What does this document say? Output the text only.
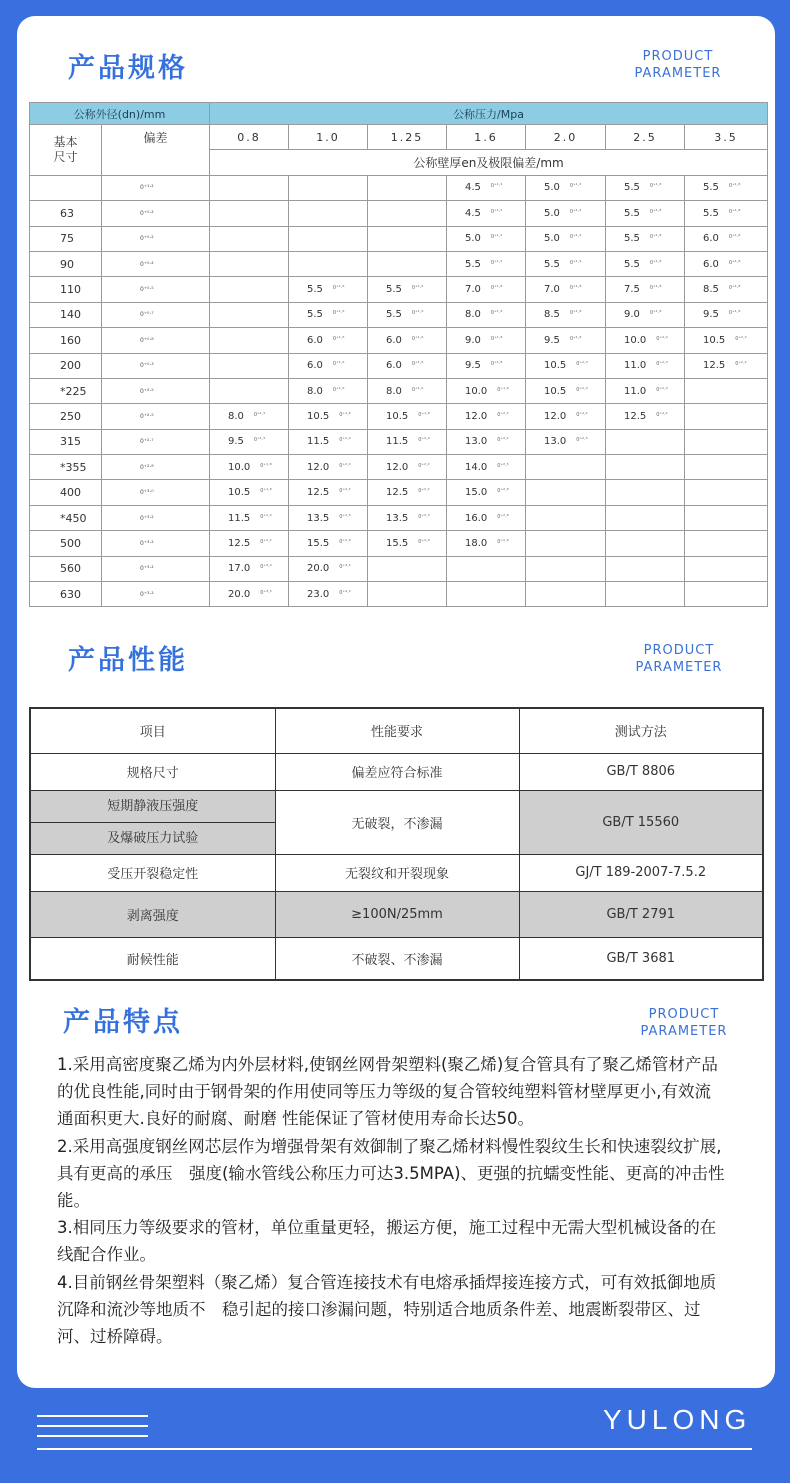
产品规格	PRODUCT
PARAMETER
公称外径(dn)/mm		公称压力/Mpa						

基本
尺寸	偏差	0.8	1.0	1.25	1.6	2.0	2.5	3.5
		公称壁厚en及极限偏差/mm						
	0⁺¹·²				4.5 $^{0^{+1}\cdot^2}$	5.0 $^{0^{+1}\cdot^2}$	5.5 $^{0^{+1}\cdot^8}$	5.5 $^{0^{+1}\cdot^8}$
63	0⁺⁰·²				4.5 $^{0^{+1}\cdot^2}$	5.0 $^{0^{+1}\cdot^2}$	5.5 $^{0^{+1}\cdot^8}$	5.5 $^{0^{+1}\cdot^8}$
75	0⁺⁰·²				5.0 $^{0^{+1}\cdot^2}$	5.0 $^{0^{+1}\cdot^2}$	5.5 $^{0^{+1}\cdot^8}$	6.0 $^{0^{+1}\cdot^8}$
90	0⁺⁰·⁴				5.5 $^{0^{+1}\cdot^5}$	5.5 $^{0^{+1}\cdot^5}$	5.5 $^{0^{+1}\cdot^8}$	6.0 $^{0^{+1}\cdot^8}$
110	0⁺⁰·⁵		5.5 $^{0^{+1}\cdot^6}$	5.5 $^{0^{+1}\cdot^6}$	7.0 $^{0^{+1}\cdot^8}$	7.0 $^{0^{+1}\cdot^8}$	7.5 $^{0^{+1}\cdot^8}$	8.5 $^{0^{+1}\cdot^8}$
140	0⁺⁰·⁷		5.5 $^{0^{+1}\cdot^6}$	5.5 $^{0^{+1}\cdot^6}$	8.0 $^{0^{+1}\cdot^8}$	8.5 $^{0^{+1}\cdot^8}$	9.0 $^{0^{+1}\cdot^8}$	9.5 $^{0^{+1}\cdot^8}$
160	0⁺⁰·⁸		6.0 $^{0^{+1}\cdot^6}$	6.0 $^{0^{+1}\cdot^6}$	9.0 $^{0^{+1}\cdot^8}$	9.5 $^{0^{+1}\cdot^8}$	10.0 $^{0^{+2}\cdot^0}$	10.5 $^{0^{+2}\cdot^0}$
200	0⁺⁰·³		6.0 $^{0^{+1}\cdot^6}$	6.0 $^{0^{+1}\cdot^6}$	9.5 $^{0^{+1}\cdot^8}$	10.5 $^{0^{+2}\cdot^0}$	11.0 $^{0^{+2}\cdot^0}$	12.5 $^{0^{+2}\cdot^2}$
*225	0⁺²·⁵		8.0 $^{0^{+1}\cdot^6}$	8.0 $^{0^{+1}\cdot^6}$	10.0 $^{0^{+1}\cdot^8}$	10.5 $^{0^{+2}\cdot^0}$	11.0 $^{0^{+2}\cdot^0}$	
250	0⁺²·⁵	8.0 $^{0^{+1}\cdot^5}$	10.5 $^{0^{+1}\cdot^8}$	10.5 $^{0^{+1}\cdot^8}$	12.0 $^{0^{+2}\cdot^2}$	12.0 $^{0^{+2}\cdot^2}$	12.5 $^{0^{+2}\cdot^2}$	
315	0⁺²·⁷	9.5 $^{0^{+1}\cdot^5}$	11.5 $^{0^{+2}\cdot^0}$	11.5 $^{0^{+2}\cdot^0}$	13.0 $^{0^{+2}\cdot^2}$	13.0 $^{0^{+2}\cdot^5}$		
*355	0⁺²·⁸	10.0 $^{0^{+1}\cdot^8}$	12.0 $^{0^{+2}\cdot^2}$	12.0 $^{0^{+2}\cdot^2}$	14.0 $^{0^{+2}\cdot^5}$			
400	0⁺³·⁰	10.5 $^{0^{+1}\cdot^8}$	12.5 $^{0^{+2}\cdot^2}$	12.5 $^{0^{+2}\cdot^2}$	15.0 $^{0^{+2}\cdot^8}$			
*450	0⁺³·²	11.5 $^{0^{+2}\cdot^0}$	13.5 $^{0^{+2}\cdot^5}$	13.5 $^{0^{+2}\cdot^5}$	16.0 $^{0^{+2}\cdot^8}$			
500	0⁺³·²	12.5 $^{0^{+2}\cdot^2}$	15.5 $^{0^{+2}\cdot^8}$	15.5 $^{0^{+2}\cdot^8}$	18.0 $^{0^{+2}\cdot^8}$			
560	0⁺³·²	17.0 $^{0^{+3}\cdot^0}$	20.0 $^{0^{+3}\cdot^5}$					
630	0⁺³·²	20.0 $^{0^{+3}\cdot^5}$	23.0 $^{0^{+4}\cdot^0}$					
产品性能	PRODUCT
PARAMETER
项目	性能要求	测试方法
规格尺寸	偏差应符合标准	GB/T 8806

短期静液压强度
及爆破压力试验	无破裂，不渗漏	GB/T 15560
受压开裂稳定性	无裂纹和开裂现象	GJ/T 189-2007-7.5.2
剥离强度	≥100N/25mm	GB/T 2791
耐候性能	不破裂、不渗漏	GB/T 3681
产品特点	PRODUCT
PARAMETER

1.采用高密度聚乙烯为内外层材料,使钢丝网骨架塑料(聚乙烯)复合管具有了聚乙烯管材产品的优良性能,同时由于钢骨架的作用使同等压力等级的复合管较纯塑料管材壁厚更小,有效流通面积更大.良好的耐腐、耐磨 性能保证了管材使用寿命长达50。

2.采用高强度钢丝网芯层作为增强骨架有效御制了聚乙烯材料慢性裂纹生长和快速裂纹扩展,具有更高的承压　强度(输水管线公称压力可达3.5MPA)、更强的抗蠕变性能、更高的冲击性能。

3.相同压力等级要求的管材，单位重量更轻，搬运方便，施工过程中无需大型机械设备的在线配合作业。

4.目前钢丝骨架塑料（聚乙烯）复合管连接技术有电熔承插焊接连接方式，可有效抵御地质沉降和流沙等地质不　稳引起的接口渗漏问题，特别适合地质条件差、地震断裂带区、过河、过桥障碍。

YULONG
